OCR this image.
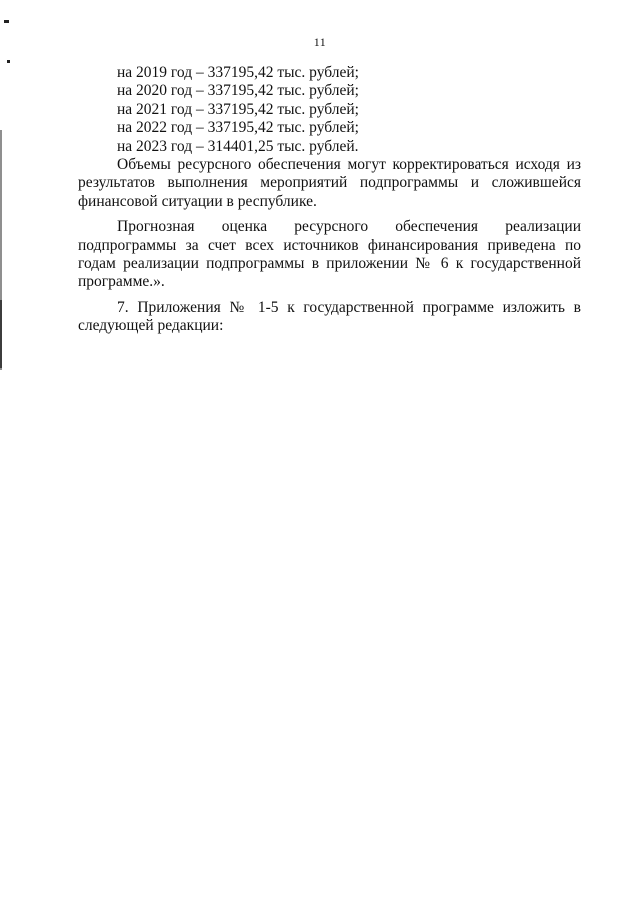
11

на 2019 год – 337195,42 тыс. рублей;

на 2020 год – 337195,42 тыс. рублей;

на 2021 год – 337195,42 тыс. рублей;

на 2022 год – 337195,42 тыс. рублей;

на 2023 год – 314401,25 тыс. рублей.

Объемы ресурсного обеспечения могут корректироваться исходя из результатов выполнения мероприятий подпрограммы и сложившейся финансовой ситуации в республике.

Прогнозная оценка ресурсного обеспечения реализации подпрограммы за счет всех источников финансирования приведена по годам реализации подпрограммы в приложении № 6 к государственной программе.».

7. Приложения № 1-5 к государственной программе изложить в следующей редакции:
